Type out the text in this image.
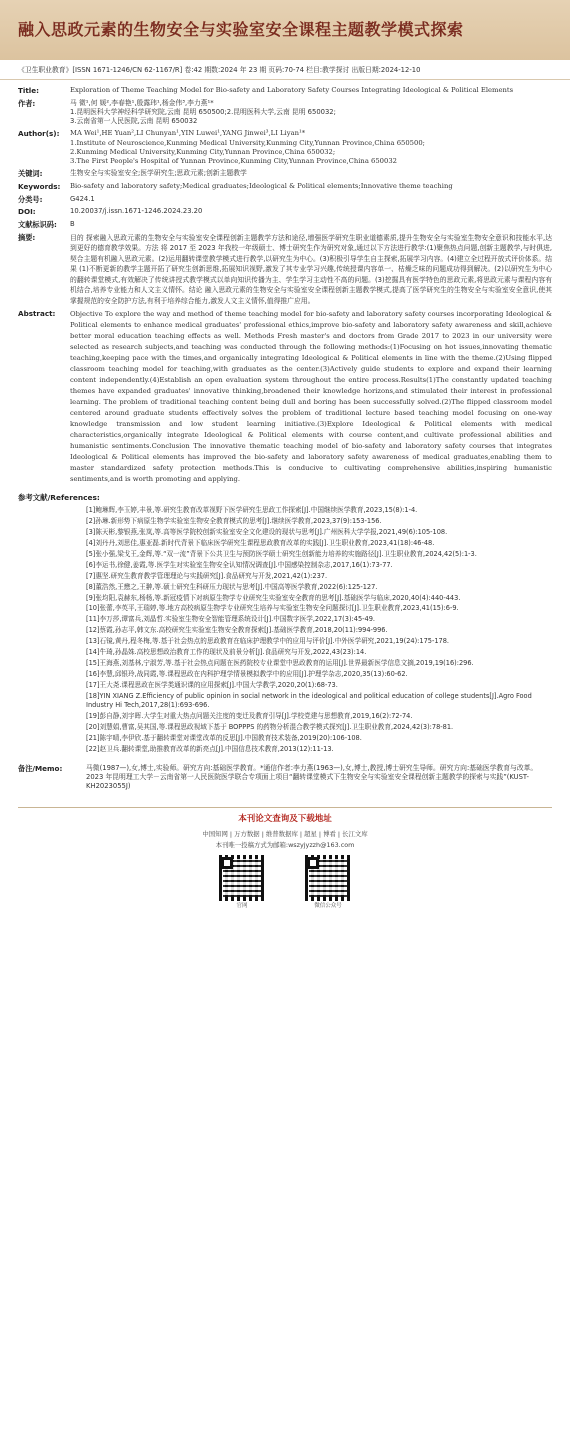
融入思政元素的生物安全与实验室安全课程主题教学模式探索
《卫生职业教育》[ISSN 1671-1246/CN 62-1167/R] 卷:42 期数:2024 年 23 期 页码:70-74 栏目:教学探讨 出版日期:2024-12-10
Title:	Exploration of Theme Teaching Model for Bio-safety and Laboratory Safety Courses Integrating Ideological & Political Elements
作者:	马 微¹,何 媛²,李春艳¹,殷露玮¹,杨金伟³,李力燕¹*

1.昆明医科大学神经科学研究院,云南 昆明 650500;2.昆明医科大学,云南 昆明 650032;

3.云南省第一人民医院,云南 昆明 650032

Author(s):	MA Wei¹,HE Yuan²,LI Chunyan¹,YIN Luwei¹,YANG Jinwei³,LI Liyan¹*

1.Institute of Neuroscience,Kunming Medical University,Kunming City,Yunnan Province,China 650500;

2.Kunming Medical University,Kunming City,Yunnan Province,China 650032;

3.The First People's Hospital of Yunnan Province,Kunming City,Yunnan Province,China 650032

关键词:	生物安全与实验室安全;医学研究生;思政元素;创新主题教学
Keywords:	Bio-safety and laboratory safety;Medical graduates;Ideological & Political elements;Innovative theme teaching
分类号:	G424.1
DOI:	10.20037/j.issn.1671-1246.2024.23.20
文献标识码:	B
摘要:	目的 探索融入思政元素的生物安全与实验室安全课程创新主题教学方法和途径,增强医学研究生职业道德素质,提升生物安全与实验室生物安全意识和技能水平,达到更好的德育教学效果。方法 将 2017 至 2023 年我校一年级硕士、博士研究生作为研究对象,通过以下方法进行教学:(1)聚焦热点问题,创新主题教学,与时俱进,契合主题有机融入思政元素。(2)运用翻转课堂教学模式进行教学,以研究生为中心。(3)积极引导学生自主探索,拓展学习内容。(4)建立全过程开放式评价体系。结果 (1)不断更新的教学主题开拓了研究生创新思维,拓展知识视野,激发了其专业学习兴趣,传统授课内容单一、枯燥乏味的问题成功得到解决。(2)以研究生为中心的翻转课堂模式,有效解决了传统讲授式教学模式以单向知识传播为主、学生学习主动性不高的问题。(3)挖掘具有医学特色的思政元素,将思政元素与课程内容有机结合,培养专业能力和人文主义情怀。结论 融入思政元素的生物安全与实验室安全课程创新主题教学模式,提高了医学研究生的生物安全与实验室安全意识,使其掌握规范的安全防护方法,有利于培养综合能力,激发人文主义情怀,值得推广应用。
Abstract:	Objective To explore the way and method of theme teaching model for bio-safety and laboratory safety courses incorporating Ideological & Political elements to enhance medical graduates' professional ethics,improve bio-safety and laboratory safety awareness and skill,achieve better moral education teaching effects as well. Methods Fresh master's and doctors from Grade 2017 to 2023 in our university were selected as research subjects,and teaching was conducted through the following methods:(1)Focusing on hot issues,innovating thematic teaching,keeping pace with the times,and organically integrating Ideological & Political elements in line with the theme.(2)Using flipped classroom teaching model for teaching,with graduates as the center.(3)Actively guide students to explore and expand their learning content independently.(4)Establish an open evaluation system throughout the entire process.Results(1)The constantly updated teaching themes have expanded graduates' innovative thinking,broadened their knowledge horizons,and stimulated their interest in professional learning. The problem of traditional teaching content being dull and boring has been successfully solved.(2)The flipped classroom model centered around graduate students effectively solves the problem of traditional lecture based teaching model focusing on one-way knowledge transmission and low student learning initiative.(3)Explore Ideological & Political elements with medical characteristics,organically integrate Ideological & Political elements with course content,and cultivate professional abilities and humanistic sentiments.Conclusion The innovative thematic teaching model of bio-safety and laboratory safety courses that integrates Ideological & Political elements has improved the bio-safety and laboratory safety awareness of medical graduates,enabling them to master standardized safety protection methods.This is conducive to cultivating comprehensive abilities,inspiring humanistic sentiments,and is worth promoting and applying.
参考文献/References:
[1]鲍琳辉,李玉婷,丰景,等.研究生教育改革视野下医学研究生思政工作探索[J].中国继续医学教育,2023,15(8):1-4.
[2]孙琳.新形势下病原生物学实验室生物安全教育模式的思考[J].继续医学教育,2023,37(9):153-156.
[3]陈天彬,黎银燕,张岚,等.高等医学院校创新实验室安全文化建设的现状与思考[J].广州医科大学学报,2021,49(6):105-108.
[4]刘丹丹,刘思佳,惠亚磊.新时代背景下临床医学研究生课程思政教育改革的实践[J].卫生职业教育,2023,41(18):46-48.
[5]张小强,梁戈王,金辉,等.“双一流”背景下公共卫生与预防医学硕士研究生创新能力培养的实施路径[J].卫生职业教育,2024,42(5):1-3.
[6]李运书,徐健,姜霞,等.医学生对实验室生物安全认知情况调查[J].中国感染控制杂志,2017,16(1):73-77.
[7]惠坚.研究生教育教学管理理论与实践研究[J].食品研究与开发,2021,42(1):237.
[8]董浩然,王懋之,王翀,等.硕士研究生科研压力现状与思考[J].中国高等医学教育,2022(6):125-127.
[9]张均阳,袁赫东,杨杨,等.新冠疫情下对病原生物学专业研究生实验室安全教育的思考[J].基础医学与临床,2020,40(4):440-443.
[10]张蕾,李英平,王瑞婷,等.地方高校病原生物学专业研究生培养与实验室生物安全问题探讨[J].卫生职业教育,2023,41(15):6-9.
[11]李万莎,谭富兵,刘晶哲.实验室生物安全智能管理系统设计[J].中国数字医学,2022,17(3):45-49.
[12]蔡霞,孙志平,韩文东.高校研究生实验室生物安全教育探索[J].基础医学教育,2018,20(11):994-996.
[13]石镜,黄丹,程冬梅,等.基于社会热点的思政教育在临床护理教学中的应用与评价[J].中外医学研究,2021,19(24):175-178.
[14]牛琦,孙晶姝.高校思想政治教育工作的现状及前景分析[J].食品研究与开发,2022,43(23):14.
[15]王海燕,刘基林,宁淑芳,等.基于社会热点问题在医药院校专业课堂中思政教育的运用[J].世界最新医学信息文摘,2019,19(16):296.
[16]李慧,邱银玲,战同霞,等.课程思政在内科护理学情景模拟教学中的应用[J].护理学杂志,2020,35(13):60-62.
[17]王大尧.课程思政在医学类通识课的应用探索[J].中国大学教学,2020,20(1):68-73.
[18]YIN XIANG Z.Efficiency of public opinion in social network in the ideological and political education of college students[J].Agro Food Industry Hi Tech,2017,28(1):693-696.
[19]彭自静,刘宇晖.大学生对重大热点问题关注度的变迁及教育引导[J].学校党建与思想教育,2019,16(2):72-74.
[20]刘慧娟,曹富,吴其国,等.课程思政视域下基于 BOPPPS 的药物分析混合教学模式探究[J].卫生职业教育,2024,42(3):78-81.
[21]陈宇晴,李伊欣.基于翻转课堂对课堂改革的反思[J].中国教育技术装备,2019(20):106-108.
[22]赵卫兵.翻转课堂,助推教育改革的新亮点[J].中国信息技术教育,2013(12):11-13.
备注/Memo:	马微(1987—),女,博士,实验师。研究方向:基础医学教育。*通信作者:李力燕(1963—),女,博士,教授,博士研究生导师。研究方向:基础医学教育与改革。2023 年昆明理工大学－云南省第一人民医院医学联合专项面上项目“翻转课堂模式下生物安全与实验室安全课程创新主题教学的探索与实践”(KUST-KH2023055J)
本刊论文查询及下载地址
中国知网 | 万方数据 | 维普数据库 | 超星 | 博看 | 长江文库
本刊唯一投稿方式为邮箱:wszyjyzzh@163.com
官网	微信公众号
